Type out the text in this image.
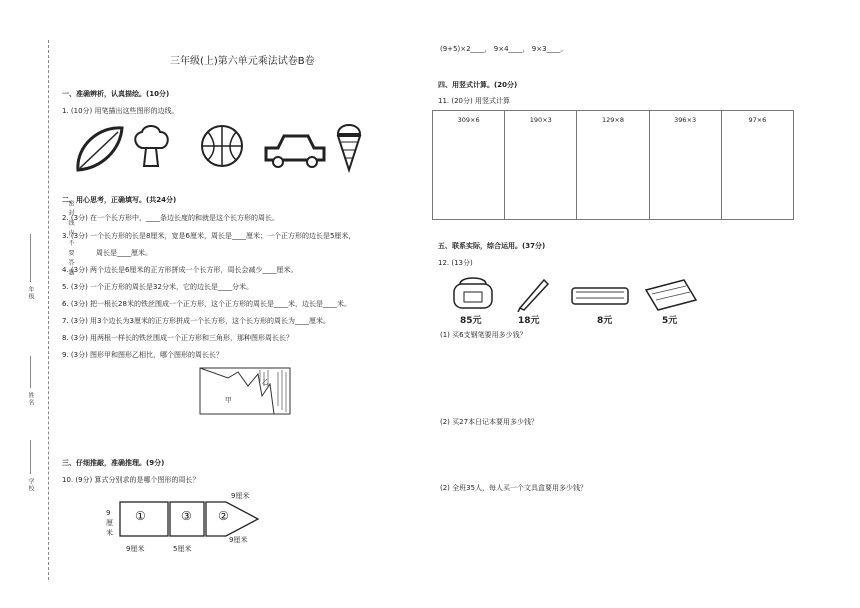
密 封 线 内 不 要 答 题
学校
姓名
年级
三年级(上)第六单元乘法试卷B卷
一、准确辨析，认真描绘。(10分)
1. (10分) 用笔描出这些图形的边线。
二、用心思考，正确填写。(共24分)
2. (3分) 在一个长方形中，____条边长度的和就是这个长方形的周长。
3. (3分) 一个长方形的长是8厘米，宽是6厘米，周长是____厘米；一个正方形的边长是5厘米，
周长是____厘米。
4. (3分) 两个边长是6厘米的正方形拼成一个长方形，周长会减少____厘米。
5. (3分) 一个正方形的周长是32分米，它的边长是____分米。
6. (3分) 把一根长28米的铁丝围成一个正方形，这个正方形的周长是____米，边长是____米。
7. (3分) 用3个边长为3厘米的正方形拼成一个长方形，这个长方形的周长为____厘米。
8. (3分) 用两根一样长的铁丝围成一个正方形和三角形，那种图形周长长？
9. (3分) 图形甲和图形乙相比，哪个图形的周长长？
甲
乙
三、仔细推敲，准确推理。(9分)
10. (9分) 算式分别求的是哪个图形的周长？
①	③ ②
9厘米
9厘米
9厘米	5厘米
9厘米
(9+5)×2____， 9×4____， 9×3____。
四、用竖式计算。(20分)
11. (20分) 用竖式计算
309×6	190×3	129×8	396×3	97×6
五、联系实际，综合运用。(37分)
12. (13分)
85元	18元	8元	5元
(1) 买6支钢笔要用多少钱？
(2) 买27本日记本要用多少钱？
(2) 全班35人，每人买一个文具盒要用多少钱？
